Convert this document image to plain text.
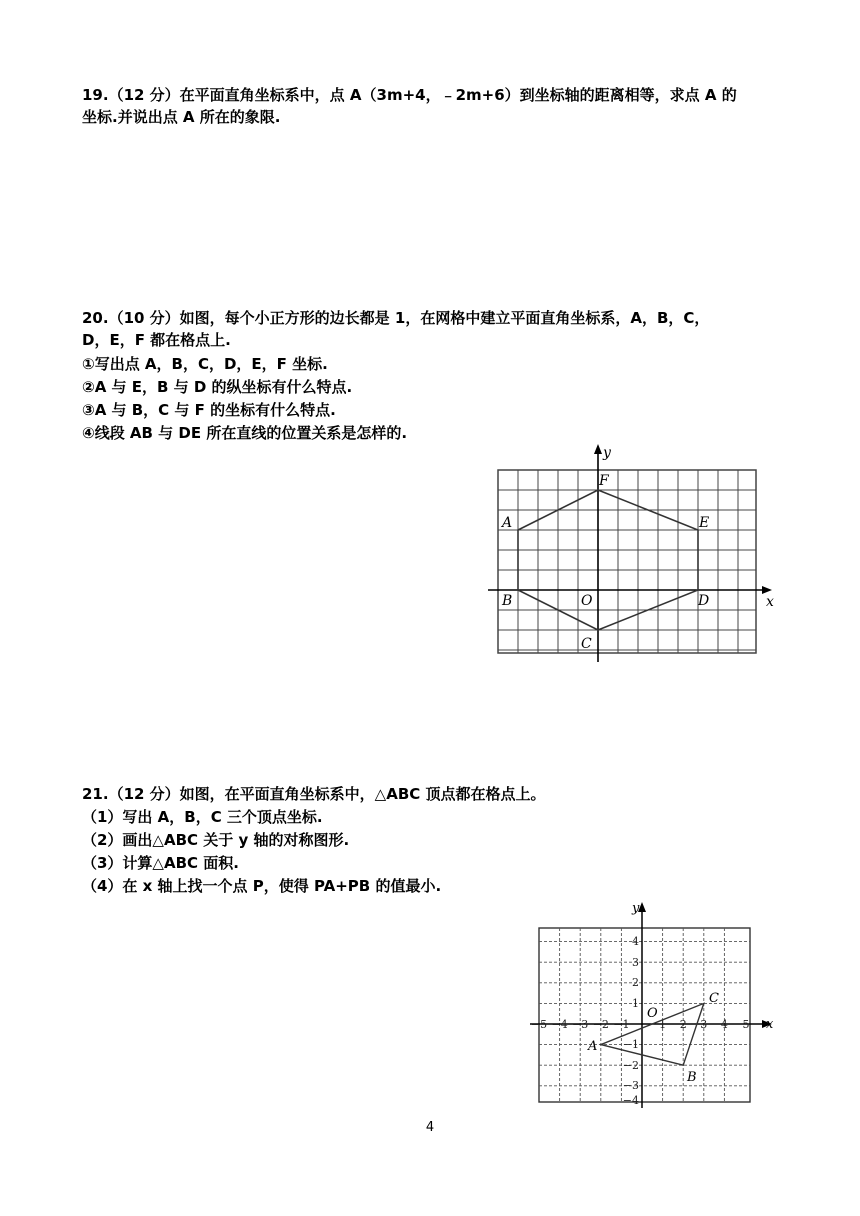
19.（12 分）在平面直角坐标系中，点 A（3m+4，﹣2m+6）到坐标轴的距离相等，求点 A 的
坐标.并说出点 A 所在的象限.
20.（10 分）如图，每个小正方形的边长都是 1，在网格中建立平面直角坐标系，A，B，C，
D，E，F 都在格点上.
①写出点 A，B，C，D，E，F 坐标.
②A 与 E，B 与 D 的纵坐标有什么特点.
③A 与 B，C 与 F 的坐标有什么特点.
④线段 AB 与 DE 所在直线的位置关系是怎样的.
x
y
A
B
C
D
E
F
O
21.（12 分）如图，在平面直角坐标系中，△ABC 顶点都在格点上。
（1）写出 A，B，C 三个顶点坐标.
（2）画出△ABC 关于 y 轴的对称图形.
（3）计算△ABC 面积.
（4）在 x 轴上找一个点 P，使得 PA+PB 的值最小.
x
y
−5 −4 −3 −2 −1	1 2 3 4 5
4
3
2
1
−1
−2
−3
−4
A
B
C
O
4
